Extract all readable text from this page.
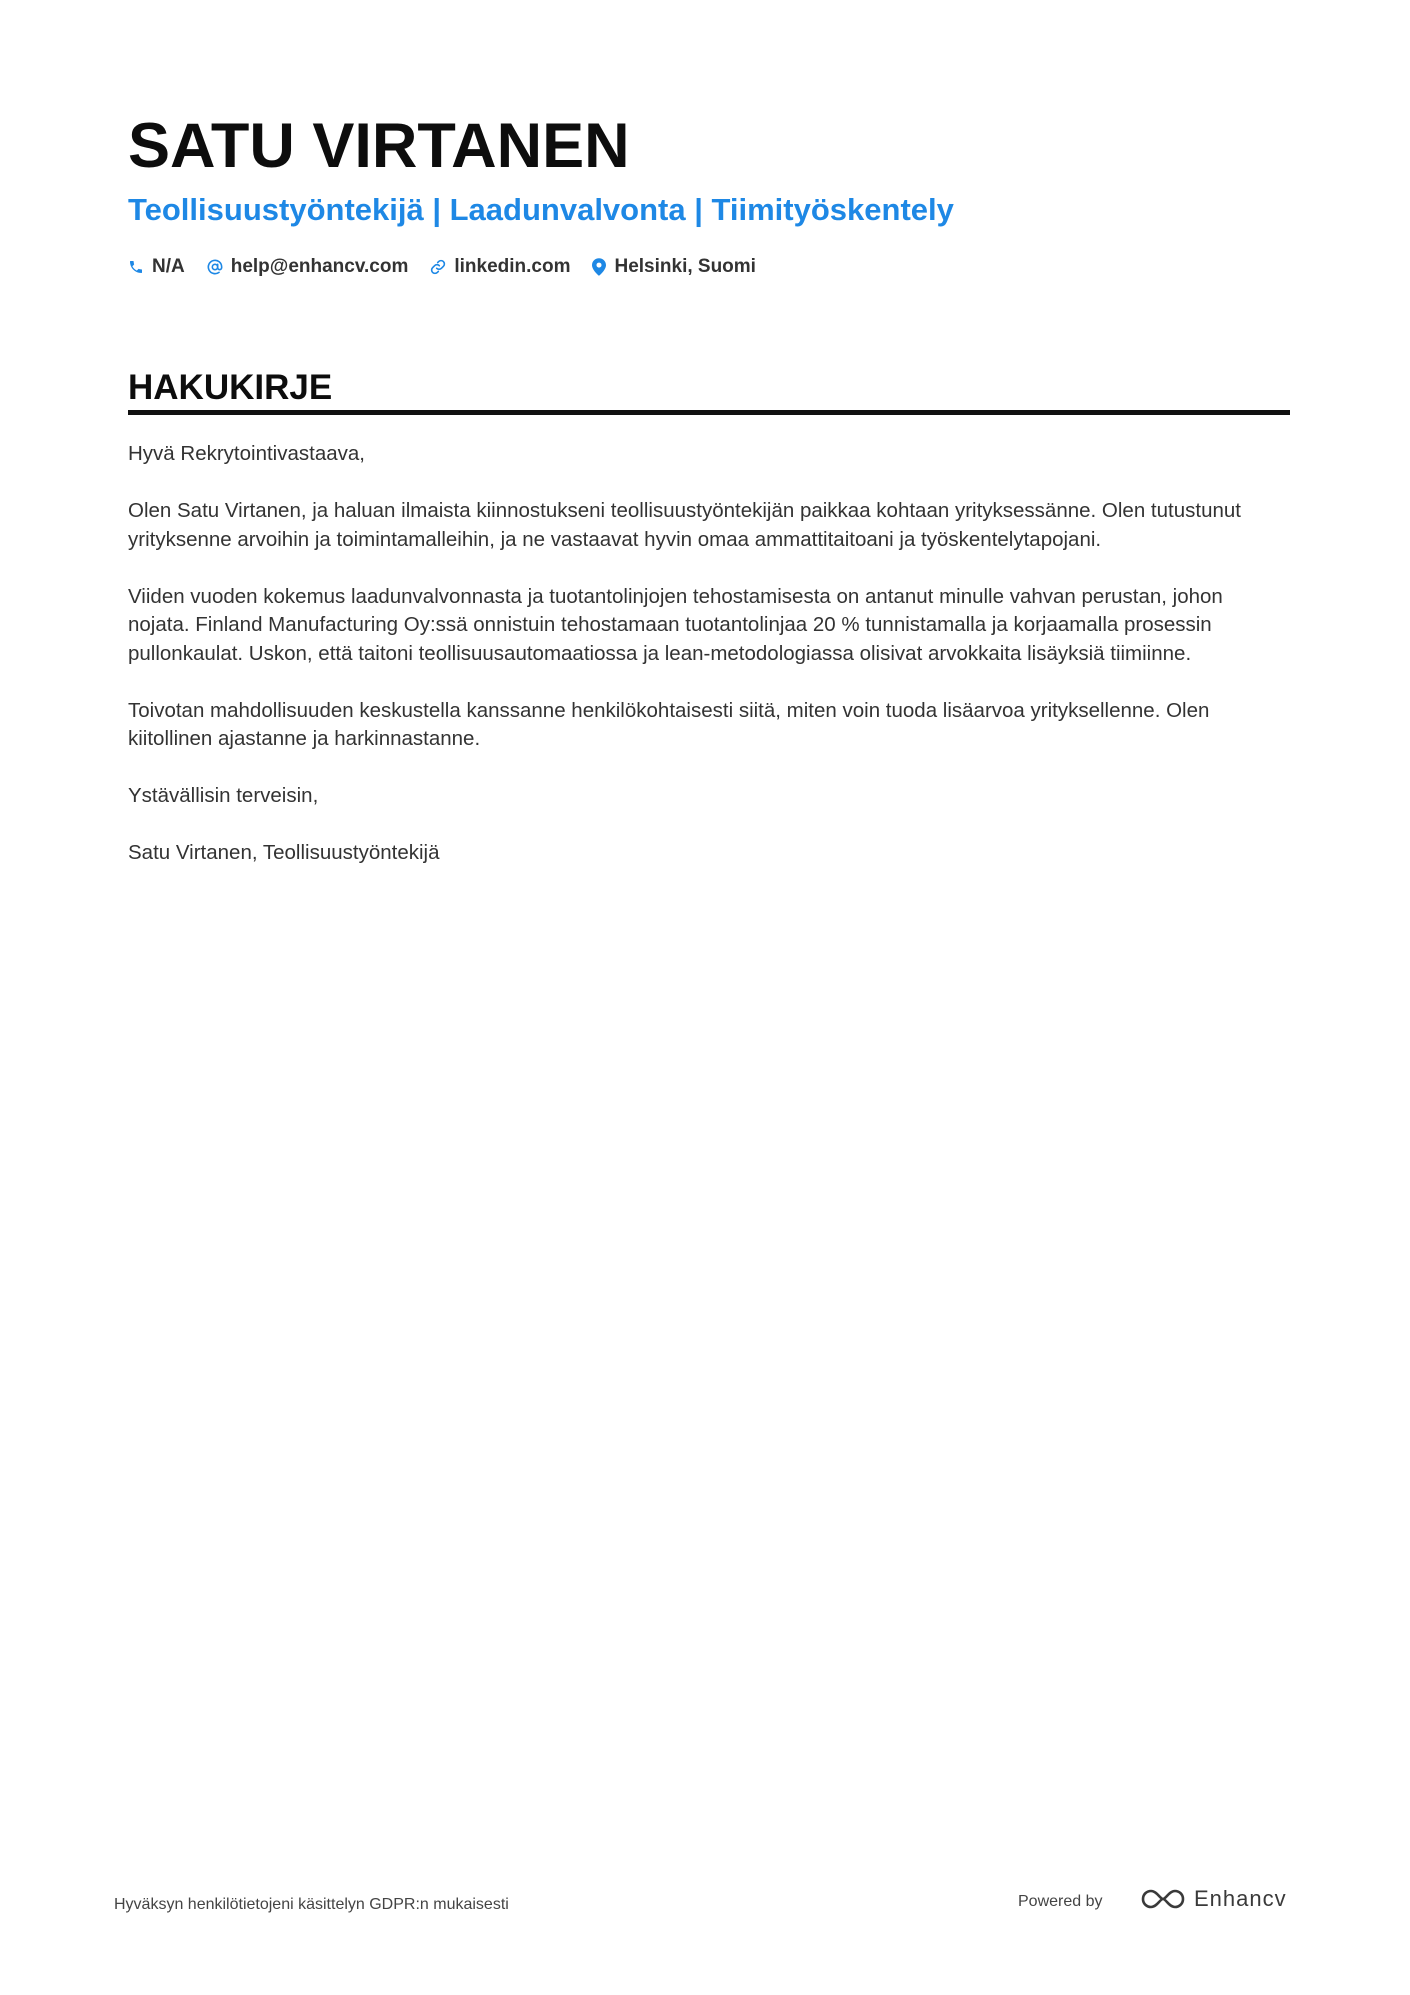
SATU VIRTANEN
Teollisuustyöntekijä | Laadunvalvonta | Tiimityöskentely
N/A help@enhancv.com linkedin.com Helsinki, Suomi
HAKUKIRJE

Hyvä Rekrytointivastaava,

Olen Satu Virtanen, ja haluan ilmaista kiinnostukseni teollisuustyöntekijän paikkaa kohtaan yrityksessänne. Olen tutustunut yrityksenne arvoihin ja toimintamalleihin, ja ne vastaavat hyvin omaa ammattitaitoani ja työskentelytapojani.

Viiden vuoden kokemus laadunvalvonnasta ja tuotantolinjojen tehostamisesta on antanut minulle vahvan perustan, johon nojata. Finland Manufacturing Oy:ssä onnistuin tehostamaan tuotantolinjaa 20 % tunnistamalla ja korjaamalla prosessin pullonkaulat. Uskon, että taitoni teollisuusautomaatiossa ja lean-metodologiassa olisivat arvokkaita lisäyksiä tiimiinne.

Toivotan mahdollisuuden keskustella kanssanne henkilökohtaisesti siitä, miten voin tuoda lisäarvoa yrityksellenne. Olen kiitollinen ajastanne ja harkinnastanne.

Ystävällisin terveisin,

Satu Virtanen, Teollisuustyöntekijä

Hyväksyn henkilötietojeni käsittelyn GDPR:n mukaisesti	Powered by	Enhancv
